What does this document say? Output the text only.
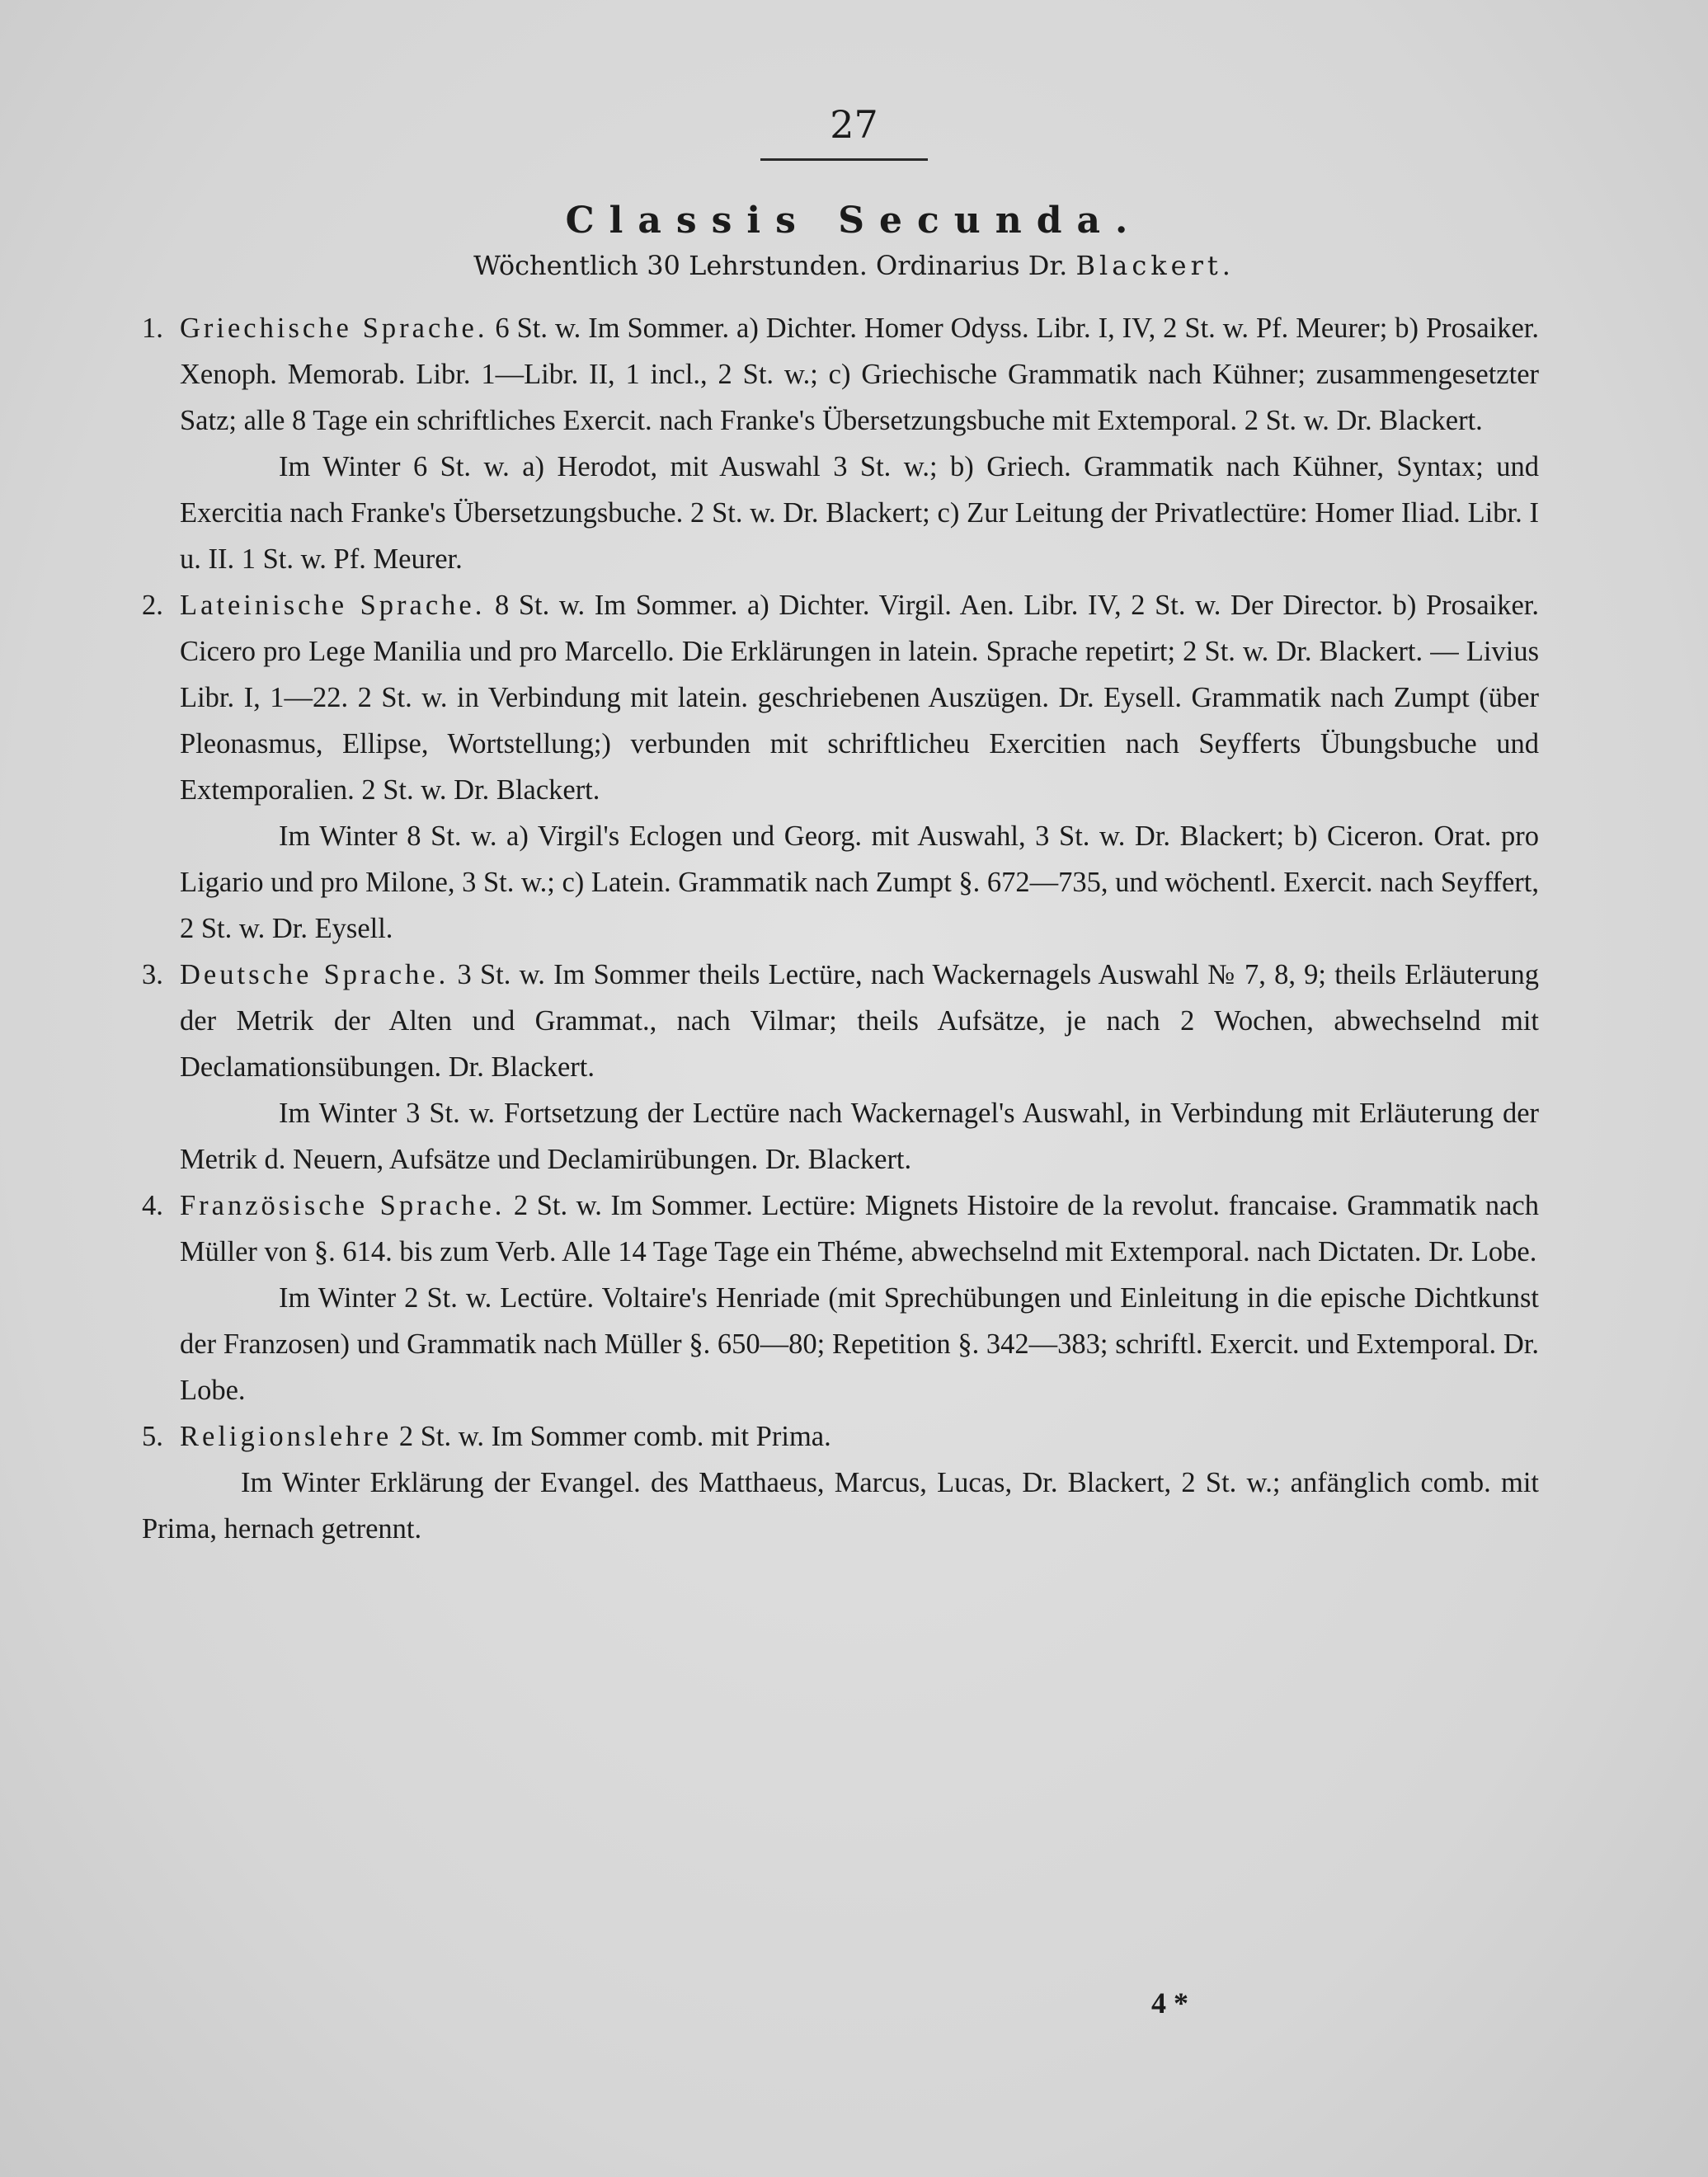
27
Classis Secunda.
Wöchentlich 30 Lehrstunden. Ordinarius Dr. Blackert.
1. Griechische Sprache. 6 St. w. Im Sommer. a) Dichter. Homer Odyss. Libr. I, IV, 2 St. w. Pf. Meurer; b) Prosaiker. Xenoph. Memorab. Libr. 1—Libr. II, 1 incl., 2 St. w.; c) Griechische Grammatik nach Kühner; zusammengesetzter Satz; alle 8 Tage ein schriftliches Exercit. nach Franke's Übersetzungsbuche mit Extemporal. 2 St. w. Dr. Blackert.

Im Winter 6 St. w. a) Herodot, mit Auswahl 3 St. w.; b) Griech. Grammatik nach Kühner, Syntax; und Exercitia nach Franke's Übersetzungsbuche. 2 St. w. Dr. Blackert; c) Zur Leitung der Privatlectüre: Homer Iliad. Libr. I u. II. 1 St. w. Pf. Meurer.

2. Lateinische Sprache. 8 St. w. Im Sommer. a) Dichter. Virgil. Aen. Libr. IV, 2 St. w. Der Director. b) Prosaiker. Cicero pro Lege Manilia und pro Marcello. Die Erklärungen in latein. Sprache repetirt; 2 St. w. Dr. Blackert. — Livius Libr. I, 1—22. 2 St. w. in Verbindung mit latein. geschriebenen Auszügen. Dr. Eysell. Grammatik nach Zumpt (über Pleonasmus, Ellipse, Wortstellung;) verbunden mit schriftlicheu Exercitien nach Seyfferts Übungsbuche und Extemporalien. 2 St. w. Dr. Blackert.

Im Winter 8 St. w. a) Virgil's Eclogen und Georg. mit Auswahl, 3 St. w. Dr. Blackert; b) Ciceron. Orat. pro Ligario und pro Milone, 3 St. w.; c) Latein. Grammatik nach Zumpt §. 672—735, und wöchentl. Exercit. nach Seyffert, 2 St. w. Dr. Eysell.

3. Deutsche Sprache. 3 St. w. Im Sommer theils Lectüre, nach Wackernagels Auswahl № 7, 8, 9; theils Erläuterung der Metrik der Alten und Grammat., nach Vilmar; theils Aufsätze, je nach 2 Wochen, abwechselnd mit Declamationsübungen. Dr. Blackert.

Im Winter 3 St. w. Fortsetzung der Lectüre nach Wackernagel's Auswahl, in Verbindung mit Erläuterung der Metrik d. Neuern, Aufsätze und Declamirübungen. Dr. Blackert.

4. Französische Sprache. 2 St. w. Im Sommer. Lectüre: Mignets Histoire de la revolut. francaise. Grammatik nach Müller von §. 614. bis zum Verb. Alle 14 Tage Tage ein Théme, abwechselnd mit Extemporal. nach Dictaten. Dr. Lobe.

Im Winter 2 St. w. Lectüre. Voltaire's Henriade (mit Sprechübungen und Einleitung in die epische Dichtkunst der Franzosen) und Grammatik nach Müller §. 650—80; Repetition §. 342—383; schriftl. Exercit. und Extemporal. Dr. Lobe.

5. Religionslehre 2 St. w. Im Sommer comb. mit Prima.

Im Winter Erklärung der Evangel. des Matthaeus, Marcus, Lucas, Dr. Blackert, 2 St. w.; anfänglich comb. mit Prima, hernach getrennt.

4 *
